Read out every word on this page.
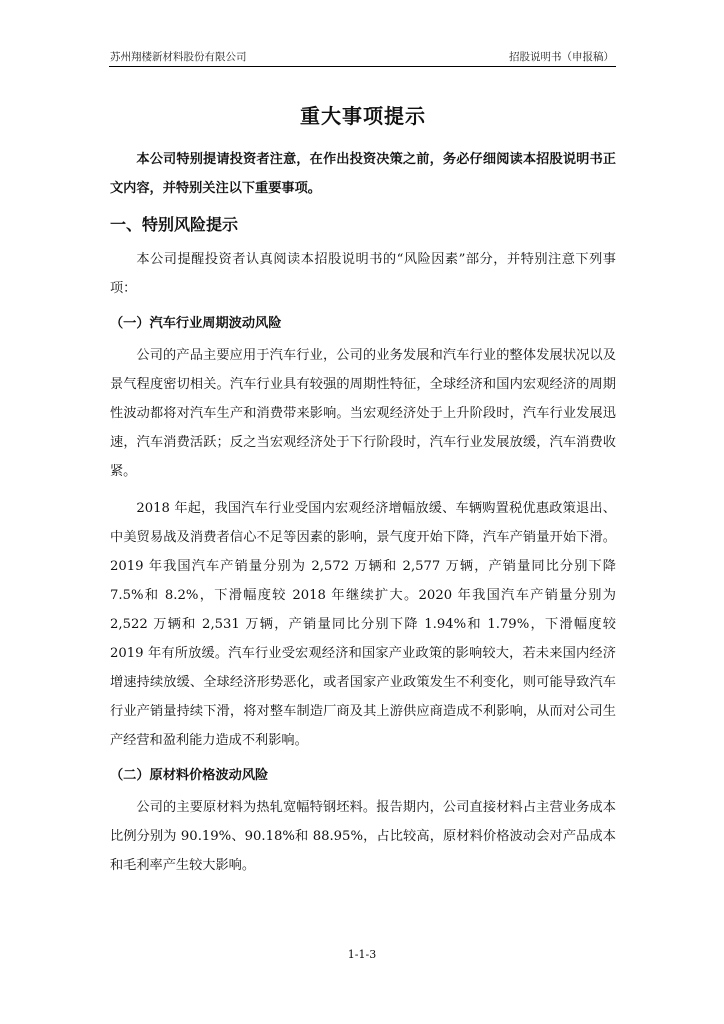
苏州翔楼新材料股份有限公司	招股说明书（申报稿）
重大事项提示

本公司特别提请投资者注意，在作出投资决策之前，务必仔细阅读本招股说明书正文内容，并特别关注以下重要事项。

一、特别风险提示

本公司提醒投资者认真阅读本招股说明书的“风险因素”部分，并特别注意下列事项：

（一）汽车行业周期波动风险

公司的产品主要应用于汽车行业，公司的业务发展和汽车行业的整体发展状况以及景气程度密切相关。汽车行业具有较强的周期性特征，全球经济和国内宏观经济的周期性波动都将对汽车生产和消费带来影响。当宏观经济处于上升阶段时，汽车行业发展迅速，汽车消费活跃；反之当宏观经济处于下行阶段时，汽车行业发展放缓，汽车消费收紧。

2018 年起，我国汽车行业受国内宏观经济增幅放缓、车辆购置税优惠政策退出、中美贸易战及消费者信心不足等因素的影响，景气度开始下降，汽车产销量开始下滑。2019 年我国汽车产销量分别为 2,572 万辆和 2,577 万辆，产销量同比分别下降 7.5%和 8.2%，下滑幅度较 2018 年继续扩大。2020 年我国汽车产销量分别为 2,522 万辆和 2,531 万辆，产销量同比分别下降 1.94%和 1.79%，下滑幅度较 2019 年有所放缓。汽车行业受宏观经济和国家产业政策的影响较大，若未来国内经济增速持续放缓、全球经济形势恶化，或者国家产业政策发生不利变化，则可能导致汽车行业产销量持续下滑，将对整车制造厂商及其上游供应商造成不利影响，从而对公司生产经营和盈利能力造成不利影响。

（二）原材料价格波动风险

公司的主要原材料为热轧宽幅特钢坯料。报告期内，公司直接材料占主营业务成本比例分别为 90.19%、90.18%和 88.95%，占比较高，原材料价格波动会对产品成本和毛利率产生较大影响。

1-1-3
